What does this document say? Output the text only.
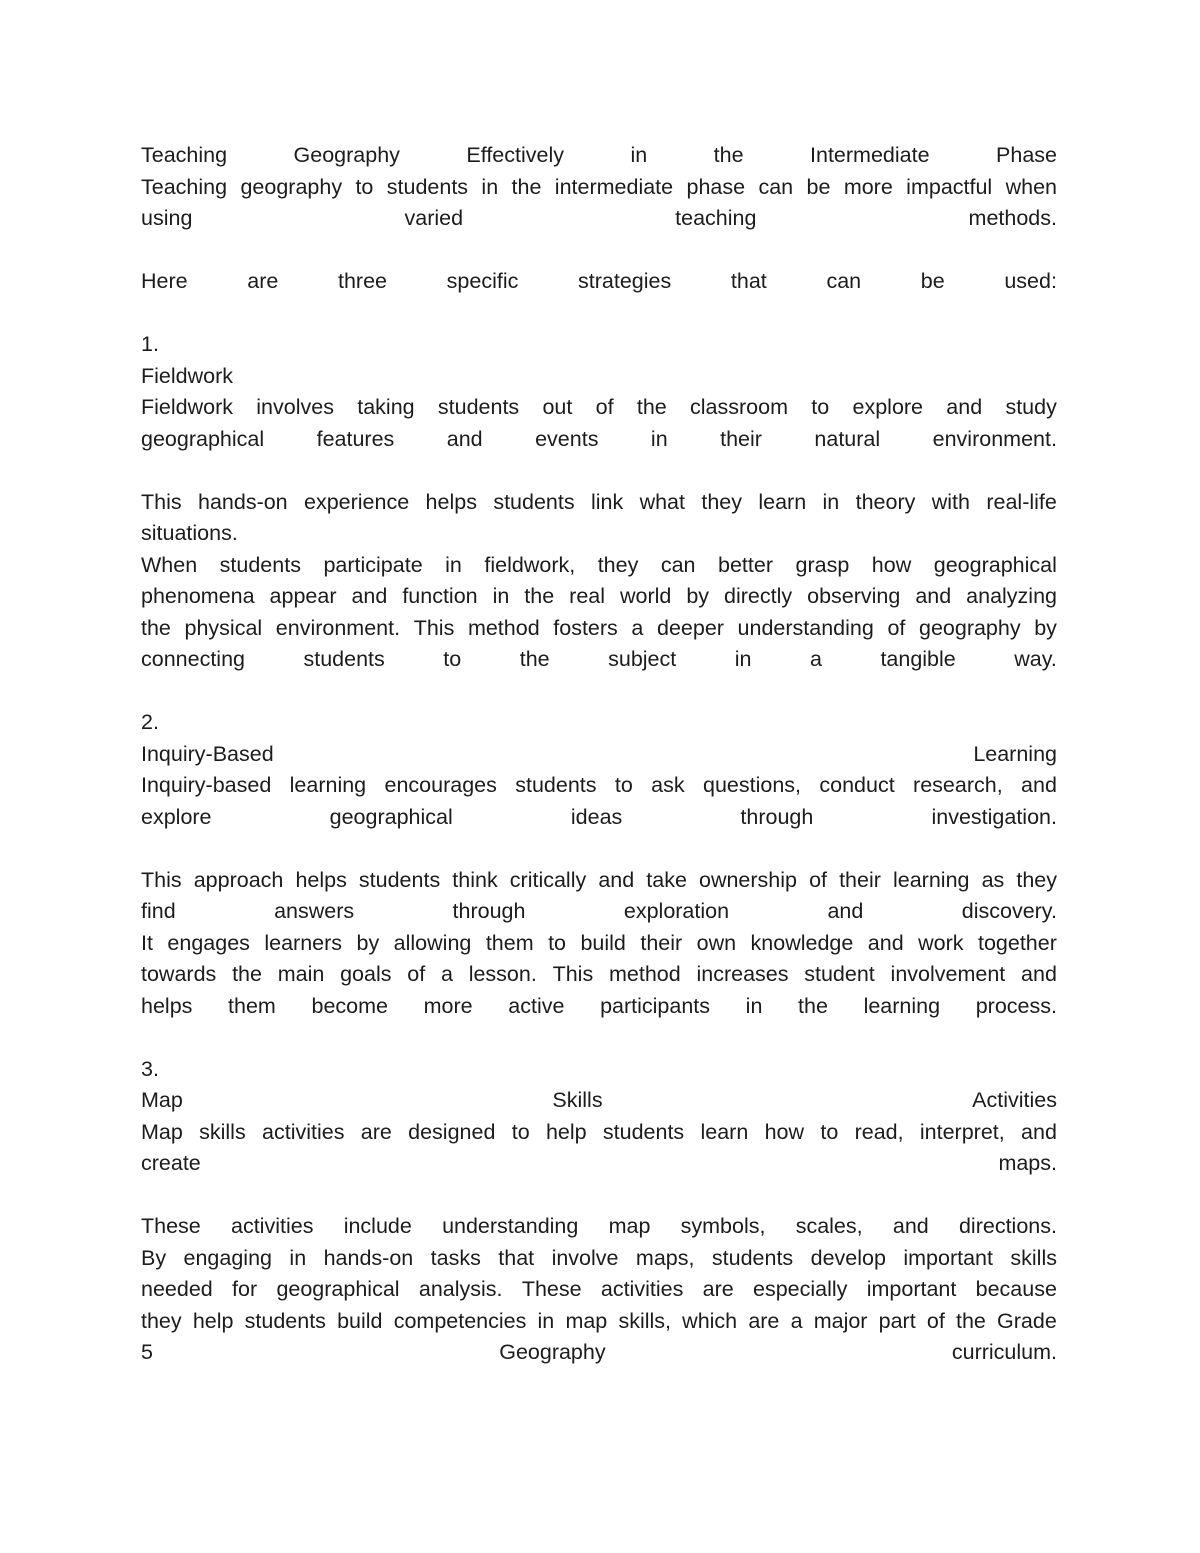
Teaching	Geography	Effectively	in	the	Intermediate	Phase
Teaching geography to students in the intermediate phase can be more impactful when
using	varied	teaching	methods.
Here	are	three	specific	strategies	that	can	be	used:
1.
Fieldwork
Fieldwork involves taking students out of the classroom to explore and study
geographical features and events in their natural environment.
This hands-on experience helps students link what they learn in theory with real-life
situations.
When students participate in fieldwork, they can better grasp how geographical
phenomena appear and function in the real world by directly observing and analyzing
the physical environment. This method fosters a deeper understanding of geography by
connecting	students	to	the	subject	in	a	tangible	way.
2.
Inquiry-Based	Learning
Inquiry-based learning encourages students to ask questions, conduct research, and
explore	geographical	ideas	through	investigation.
This approach helps students think critically and take ownership of their learning as they
find	answers	through	exploration	and	discovery.
It engages learners by allowing them to build their own knowledge and work together
towards the main goals of a lesson. This method increases student involvement and
helps them become more active participants in the learning process.
3.
Map	Skills	Activities
Map skills activities are designed to help students learn how to read, interpret, and
create	maps.
These activities include understanding map symbols, scales, and directions.
By engaging in hands-on tasks that involve maps, students develop important skills
needed for geographical analysis. These activities are especially important because
they help students build competencies in map skills, which are a major part of the Grade
5	Geography	curriculum.
